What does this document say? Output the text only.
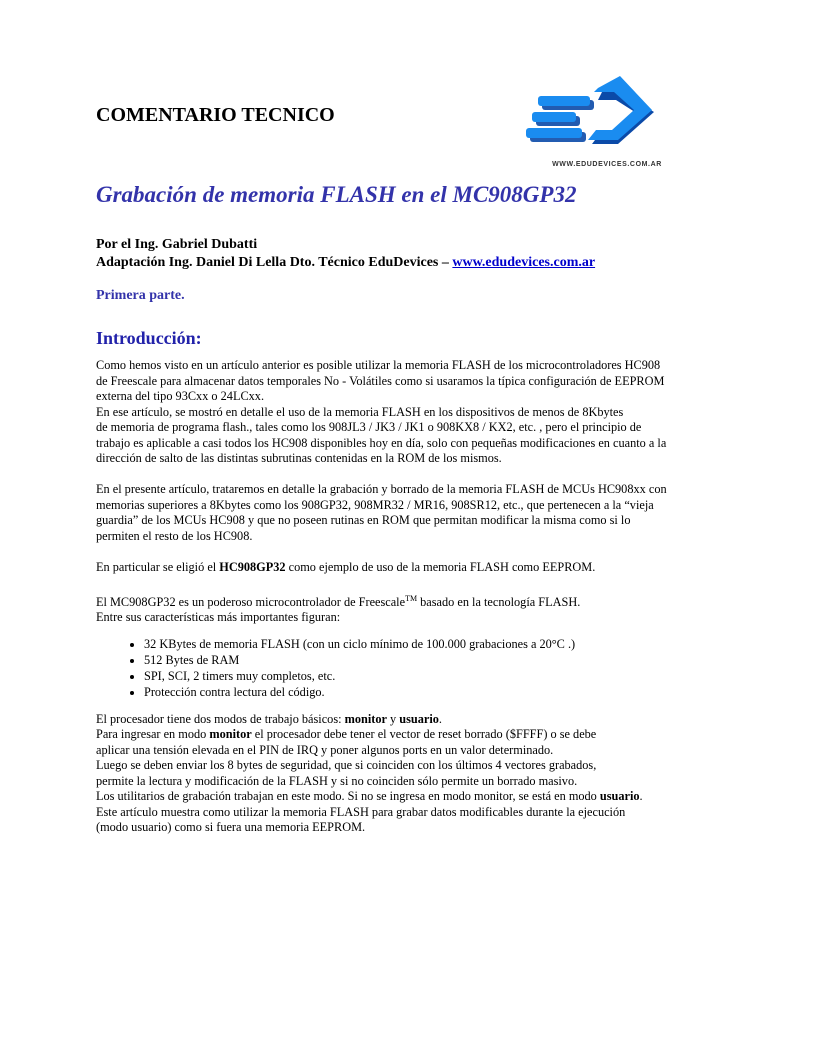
COMENTARIO TECNICO
WWW.EDUDEVICES.COM.AR
Grabación de memoria FLASH en el MC908GP32
Por el Ing. Gabriel Dubatti
Adaptación Ing. Daniel Di Lella Dto. Técnico EduDevices – www.edudevices.com.ar
Primera parte.
Introducción:

Como hemos visto en un artículo anterior es posible utilizar la memoria FLASH de los microcontroladores HC908
de Freescale para almacenar datos temporales No - Volátiles como si usaramos la típica configuración de EEPROM
externa del tipo 93Cxx o 24LCxx.
En ese artículo, se mostró en detalle el uso de la memoria FLASH en los dispositivos de menos de 8Kbytes
de memoria de programa flash., tales como los 908JL3 / JK3 / JK1 o 908KX8 / KX2, etc. , pero el principio de
trabajo es aplicable a casi todos los HC908 disponibles hoy en día, solo con pequeñas modificaciones en cuanto a la
dirección de salto de las distintas subrutinas contenidas en la ROM de los mismos.

En el presente artículo, trataremos en detalle la grabación y borrado de la memoria FLASH de MCUs HC908xx con
memorias superiores a 8Kbytes como los 908GP32, 908MR32 / MR16, 908SR12, etc., que pertenecen a la “vieja
guardia” de los MCUs HC908 y que no poseen rutinas en ROM que permitan modificar la misma como si lo
permiten el resto de los HC908.

En particular se eligió el HC908GP32 como ejemplo de uso de la memoria FLASH como EEPROM.

El MC908GP32 es un poderoso microcontrolador de Freescale™ basado en la tecnología FLASH.
Entre sus características más importantes figuran:

• 32 KBytes de memoria FLASH (con un ciclo mínimo de 100.000 grabaciones a 20°C .)
• 512 Bytes de RAM
• SPI, SCI, 2 timers muy completos, etc.
• Protección contra lectura del código.

El procesador tiene dos modos de trabajo básicos: monitor y usuario.
Para ingresar en modo monitor el procesador debe tener el vector de reset borrado ($FFFF) o se debe
aplicar una tensión elevada en el PIN de IRQ y poner algunos ports en un valor determinado.
Luego se deben enviar los 8 bytes de seguridad, que si coinciden con los últimos 4 vectores grabados,
permite la lectura y modificación de la FLASH y si no coinciden sólo permite un borrado masivo.
Los utilitarios de grabación trabajan en este modo. Si no se ingresa en modo monitor, se está en modo usuario.
Este artículo muestra como utilizar la memoria FLASH para grabar datos modificables durante la ejecución
(modo usuario) como si fuera una memoria EEPROM.
